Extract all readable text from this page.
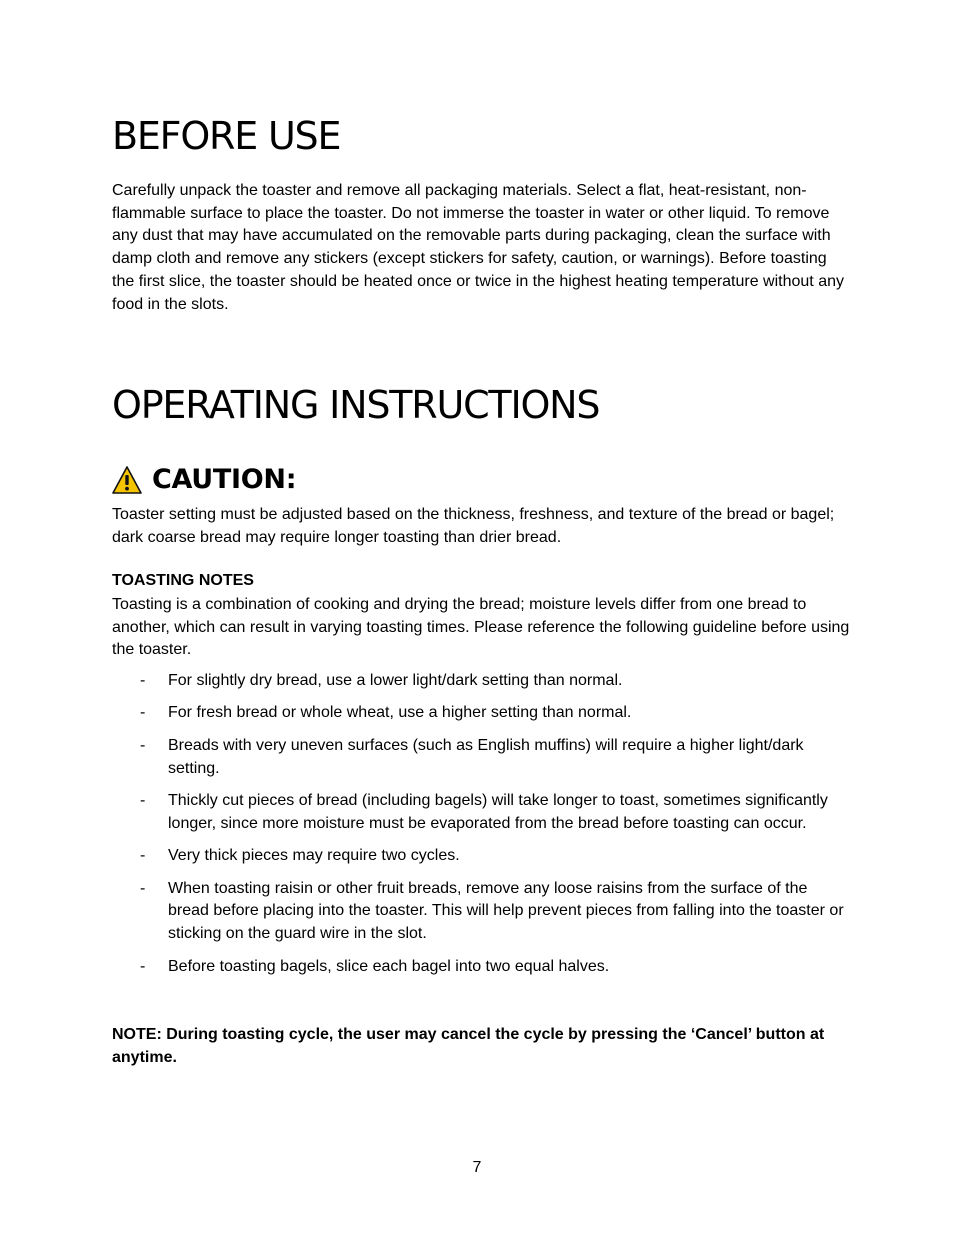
BEFORE USE

Carefully unpack the toaster and remove all packaging materials. Select a flat, heat-resistant, non-flammable surface to place the toaster. Do not immerse the toaster in water or other liquid. To remove any dust that may have accumulated on the removable parts during packaging, clean the surface with damp cloth and remove any stickers (except stickers for safety, caution, or warnings). Before toasting the first slice, the toaster should be heated once or twice in the highest heating temperature without any food in the slots.

OPERATING INSTRUCTIONS
CAUTION:

Toaster setting must be adjusted based on the thickness, freshness, and texture of the bread or bagel; dark coarse bread may require longer toasting than drier bread.

TOASTING NOTES

Toasting is a combination of cooking and drying the bread; moisture levels differ from one bread to another, which can result in varying toasting times. Please reference the following guideline before using the toaster.

- For slightly dry bread, use a lower light/dark setting than normal.
- For fresh bread or whole wheat, use a higher setting than normal.
- Breads with very uneven surfaces (such as English muffins) will require a higher light/dark setting.
- Thickly cut pieces of bread (including bagels) will take longer to toast, sometimes significantly longer, since more moisture must be evaporated from the bread before toasting can occur.
- Very thick pieces may require two cycles.
- When toasting raisin or other fruit breads, remove any loose raisins from the surface of the bread before placing into the toaster. This will help prevent pieces from falling into the toaster or sticking on the guard wire in the slot.
- Before toasting bagels, slice each bagel into two equal halves.

NOTE: During toasting cycle, the user may cancel the cycle by pressing the ‘Cancel’ button at anytime.

7
